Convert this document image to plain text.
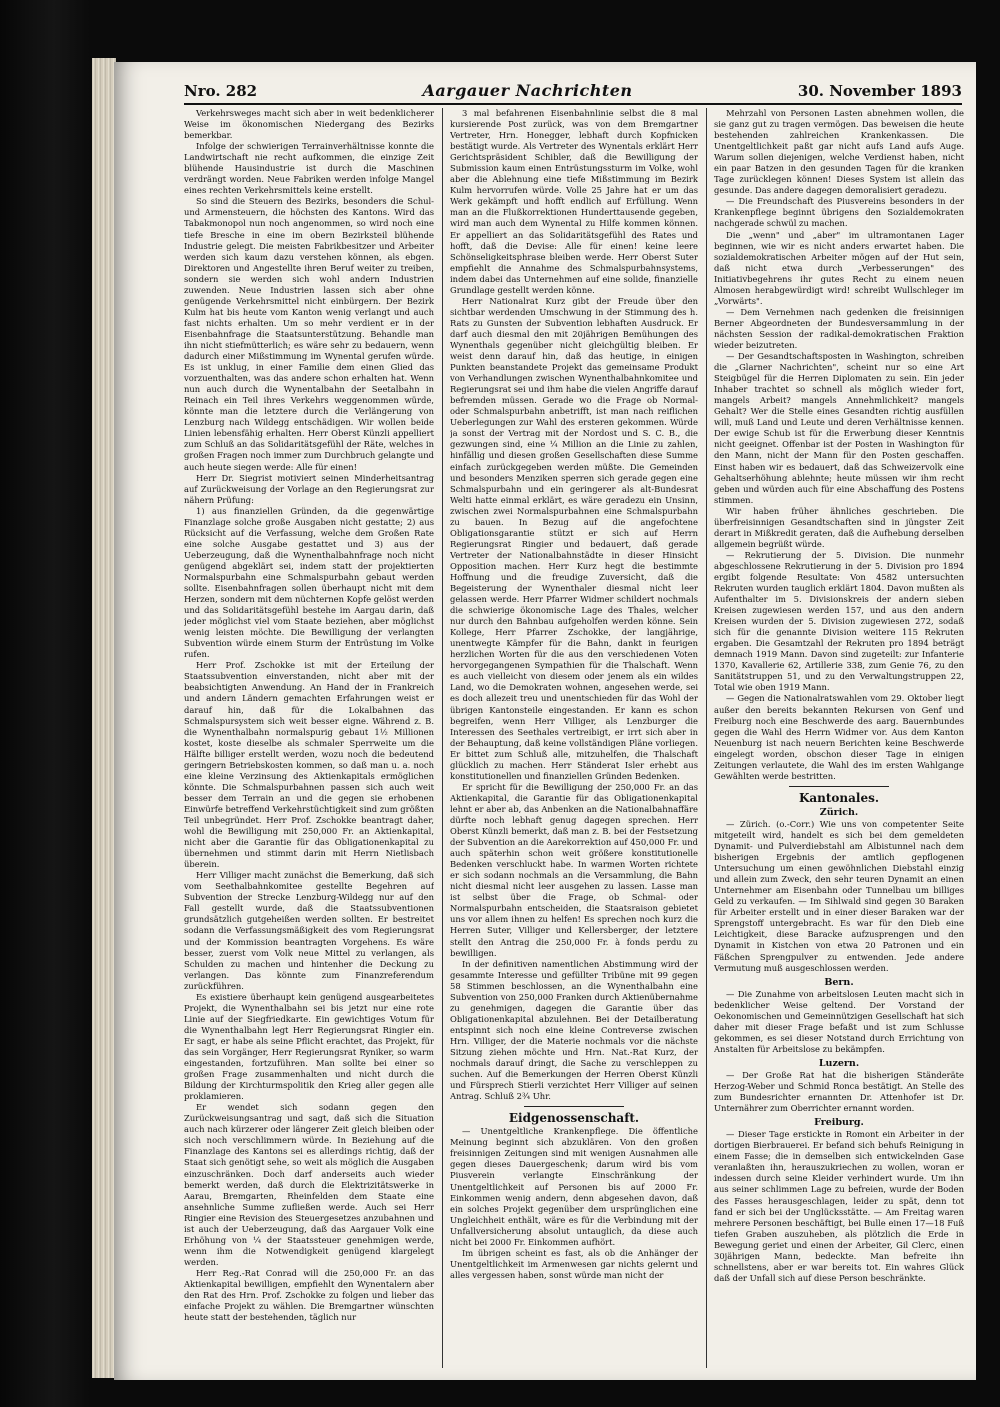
Nro. 282	Aargauer Nachrichten	30. November 1893

Verkehrsweges macht sich aber in weit bedenklicherer Weise im ökonomischen Niedergang des Bezirks bemerkbar.

Infolge der schwierigen Terrainverhältnisse konnte die Landwirtschaft nie recht aufkommen, die einzige Zeit blühende Hausindustrie ist durch die Maschinen verdrängt worden. Neue Fabriken werden infolge Mangel eines rechten Verkehrsmittels keine erstellt.

So sind die Steuern des Bezirks, besonders die Schul- und Armensteuern, die höchsten des Kantons. Wird das Tabakmonopol nun noch angenommen, so wird noch eine tiefe Bresche in eine im obern Bezirksteil blühende Industrie gelegt. Die meisten Fabrikbesitzer und Arbeiter werden sich kaum dazu verstehen können, als ebgen. Direktoren und Angestellte ihren Beruf weiter zu treiben, sondern sie werden sich wohl andern Industrien zuwenden. Neue Industrien lassen sich aber ohne genügende Verkehrsmittel nicht einbürgern. Der Bezirk Kulm hat bis heute vom Kanton wenig verlangt und auch fast nichts erhalten. Um so mehr verdient er in der Eisenbahnfrage die Staatsunterstützung. Behandle man ihn nicht stiefmütterlich; es wäre sehr zu bedauern, wenn dadurch einer Mißstimmung im Wynental gerufen würde. Es ist unklug, in einer Familie dem einen Glied das vorzuenthalten, was das andere schon erhalten hat. Wenn nun auch durch die Wynentalbahn der Seetalbahn in Reinach ein Teil ihres Verkehrs weggenommen würde, könnte man die letztere durch die Verlängerung von Lenzburg nach Wildegg entschädigen. Wir wollen beide Linien lebensfähig erhalten. Herr Oberst Künzli appelliert zum Schluß an das Solidaritätsgefühl der Räte, welches in großen Fragen noch immer zum Durchbruch gelangte und auch heute siegen werde: Alle für einen!

Herr Dr. Siegrist motiviert seinen Minderheitsantrag auf Zurückweisung der Vorlage an den Regierungsrat zur nähern Prüfung:

1) aus finanziellen Gründen, da die gegenwärtige Finanzlage solche große Ausgaben nicht gestatte; 2) aus Rücksicht auf die Verfassung, welche dem Großen Rate eine solche Ausgabe gestattet und 3) aus der Ueberzeugung, daß die Wynenthalbahnfrage noch nicht genügend abgeklärt sei, indem statt der projektierten Normalspurbahn eine Schmalspurbahn gebaut werden sollte. Eisenbahnfragen sollen überhaupt nicht mit dem Herzen, sondern mit dem nüchternen Kopfe gelöst werden und das Solidaritätsgefühl bestehe im Aargau darin, daß jeder möglichst viel vom Staate beziehen, aber möglichst wenig leisten möchte. Die Bewilligung der verlangten Subvention würde einem Sturm der Entrüstung im Volke rufen.

Herr Prof. Zschokke ist mit der Erteilung der Staatssubvention einverstanden, nicht aber mit der beabsichtigten Anwendung. An Hand der in Frankreich und andern Ländern gemachten Erfahrungen weist er darauf hin, daß für die Lokalbahnen das Schmalspursystem sich weit besser eigne. Während z. B. die Wynenthalbahn normalspurig gebaut 1½ Millionen kostet, koste dieselbe als schmaler Sperrweite um die Hälfte billiger erstellt werden, wozu noch die bedeutend geringern Betriebskosten kommen, so daß man u. a. noch eine kleine Verzinsung des Aktienkapitals ermöglichen könnte. Die Schmalspurbahnen passen sich auch weit besser dem Terrain an und die gegen sie erhobenen Einwürfe betreffend Verkehrstüchtigkeit sind zum größten Teil unbegründet. Herr Prof. Zschokke beantragt daher, wohl die Bewilligung mit 250,000 Fr. an Aktienkapital, nicht aber die Garantie für das Obligationenkapital zu übernehmen und stimmt darin mit Herrn Nietlisbach überein.

Herr Villiger macht zunächst die Bemerkung, daß sich vom Seethalbahnkomitee gestellte Begehren auf Subvention der Strecke Lenzburg-Wildegg nur auf den Fall gestellt wurde, daß die Staatssubventionen grundsätzlich gutgeheißen werden sollten. Er bestreitet sodann die Verfassungsmäßigkeit des vom Regierungsrat und der Kommission beantragten Vorgehens. Es wäre besser, zuerst vom Volk neue Mittel zu verlangen, als Schulden zu machen und hintenher die Deckung zu verlangen. Das könnte zum Finanzreferendum zurückführen.

Es existiere überhaupt kein genügend ausgearbeitetes Projekt, die Wynenthalbahn sei bis jetzt nur eine rote Linie auf der Siegfriedkarte. Ein gewichtiges Votum für die Wynenthalbahn legt Herr Regierungsrat Ringier ein. Er sagt, er habe als seine Pflicht erachtet, das Projekt, für das sein Vorgänger, Herr Regierungsrat Ryniker, so warm eingestanden, fortzuführen. Man sollte bei einer so großen Frage zusammenhalten und nicht durch die Bildung der Kirchturmspolitik den Krieg aller gegen alle proklamieren.

Er wendet sich sodann gegen den Zurückweisungsantrag und sagt, daß sich die Situation auch nach kürzerer oder längerer Zeit gleich bleiben oder sich noch verschlimmern würde. In Beziehung auf die Finanzlage des Kantons sei es allerdings richtig, daß der Staat sich genötigt sehe, so weit als möglich die Ausgaben einzuschränken. Doch darf anderseits auch wieder bemerkt werden, daß durch die Elektrizitätswerke in Aarau, Bremgarten, Rheinfelden dem Staate eine ansehnliche Summe zufließen werde. Auch sei Herr Ringier eine Revision des Steuergesetzes anzubahnen und ist auch der Ueberzeugung, daß das Aargauer Volk eine Erhöhung von ¼ der Staatssteuer genehmigen werde, wenn ihm die Notwendigkeit genügend klargelegt werden.

Herr Reg.-Rat Conrad will die 250,000 Fr. an das Aktienkapital bewilligen, empfiehlt den Wynentalern aber den Rat des Hrn. Prof. Zschokke zu folgen und lieber das einfache Projekt zu wählen. Die Bremgartner wünschten heute statt der bestehenden, täglich nur

3 mal befahrenen Eisenbahnlinie selbst die 8 mal kursierende Post zurück, was von dem Bremgartner Vertreter, Hrn. Honegger, lebhaft durch Kopfnicken bestätigt wurde. Als Vertreter des Wynentals erklärt Herr Gerichtspräsident Schibler, daß die Bewilligung der Submission kaum einen Entrüstungssturm im Volke, wohl aber die Ablehnung eine tiefe Mißstimmung im Bezirk Kulm hervorrufen würde. Volle 25 Jahre hat er um das Werk gekämpft und hofft endlich auf Erfüllung. Wenn man an die Flußkorrektionen Hunderttausende gegeben, wird man auch dem Wynental zu Hilfe kommen können. Er appelliert an das Solidaritätsgefühl des Rates und hofft, daß die Devise: Alle für einen! keine leere Schönseligkeitsphrase bleiben werde. Herr Oberst Suter empfiehlt die Annahme des Schmalspurbahnsystems, indem dabei das Unternehmen auf eine solide, finanzielle Grundlage gestellt werden könne.

Herr Nationalrat Kurz gibt der Freude über den sichtbar werdenden Umschwung in der Stimmung des h. Rats zu Gunsten der Subvention lebhaften Ausdruck. Er darf auch diesmal den mit 20jährigen Bemühungen des Wynenthals gegenüber nicht gleichgültig bleiben. Er weist denn darauf hin, daß das heutige, in einigen Punkten beanstandete Projekt das gemeinsame Produkt von Verhandlungen zwischen Wynenthalbahnkomitee und Regierungsrat sei und ihm habe die vielen Angriffe darauf befremden müssen. Gerade wo die Frage ob Normal- oder Schmalspurbahn anbetrifft, ist man nach reiflichen Ueberlegungen zur Wahl des ersteren gekommen. Würde ja sonst der Vertrag mit der Nordost und S. C. B., die gezwungen sind, eine ¼ Million an die Linie zu zahlen, hinfällig und diesen großen Gesellschaften diese Summe einfach zurückgegeben werden müßte. Die Gemeinden und besonders Menziken sperren sich gerade gegen eine Schmalspurbahn und ein geringerer als alt-Bundesrat Welti hatte einmal erklärt, es wäre geradezu ein Unsinn, zwischen zwei Normalspurbahnen eine Schmalspurbahn zu bauen. In Bezug auf die angefochtene Obligationsgarantie stützt er sich auf Herrn Regierungsrat Ringier und bedauert, daß gerade Vertreter der Nationalbahnstädte in dieser Hinsicht Opposition machen. Herr Kurz hegt die bestimmte Hoffnung und die freudige Zuversicht, daß die Begeisterung der Wynenthaler diesmal nicht leer gelassen werde. Herr Pfarrer Widmer schildert nochmals die schwierige ökonomische Lage des Thales, welcher nur durch den Bahnbau aufgeholfen werden könne. Sein Kollege, Herr Pfarrer Zschokke, der langjährige, unentwegte Kämpfer für die Bahn, dankt in feurigen herzlichen Worten für die aus den verschiedenen Voten hervorgegangenen Sympathien für die Thalschaft. Wenn es auch vielleicht von diesem oder jenem als ein wildes Land, wo die Demokraten wohnen, angesehen werde, sei es doch allezeit treu und unentschieden für das Wohl der übrigen Kantonsteile eingestanden. Er kann es schon begreifen, wenn Herr Villiger, als Lenzburger die Interessen des Seethales vertreibigt, er irrt sich aber in der Behauptung, daß keine vollständigen Pläne vorliegen. Er bittet zum Schluß alle, mitzuhelfen, die Thalschaft glücklich zu machen. Herr Ständerat Isler erhebt aus konstitutionellen und finanziellen Gründen Bedenken.

Er spricht für die Bewilligung der 250,000 Fr. an das Aktienkapital, die Garantie für das Obligationenkapital lehnt er aber ab, das Anbenken an die Nationalbahnaffäre dürfte noch lebhaft genug dagegen sprechen. Herr Oberst Künzli bemerkt, daß man z. B. bei der Festsetzung der Subvention an die Aarekorrektion auf 450,000 Fr. und auch späterhin schon weit größere konstitutionelle Bedenken verschluckt habe. In warmen Worten richtete er sich sodann nochmals an die Versammlung, die Bahn nicht diesmal nicht leer ausgehen zu lassen. Lasse man ist selbst über die Frage, ob Schmal- oder Normalspurbahn entscheiden, die Staatsraison gebietet uns vor allem ihnen zu helfen! Es sprechen noch kurz die Herren Suter, Villiger und Kellersberger, der letztere stellt den Antrag die 250,000 Fr. à fonds perdu zu bewilligen.

In der definitiven namentlichen Abstimmung wird der gesammte Interesse und gefüllter Tribüne mit 99 gegen 58 Stimmen beschlossen, an die Wynenthalbahn eine Subvention von 250,000 Franken durch Aktienübernahme zu genehmigen, dagegen die Garantie über das Obligationenkapital abzulehnen. Bei der Detailberatung entspinnt sich noch eine kleine Contreverse zwischen Hrn. Villiger, der die Materie nochmals vor die nächste Sitzung ziehen möchte und Hrn. Nat.-Rat Kurz, der nochmals darauf dringt, die Sache zu verschleppen zu suchen. Auf die Bemerkungen der Herren Oberst Künzli und Fürsprech Stierli verzichtet Herr Villiger auf seinen Antrag. Schluß 2¾ Uhr.

Eidgenossenschaft.

— Unentgeltliche Krankenpflege. Die öffentliche Meinung beginnt sich abzuklären. Von den großen freisinnigen Zeitungen sind mit wenigen Ausnahmen alle gegen dieses Dauergeschenk; darum wird bis vom Piusverein verlangte Einschränkung der Unentgeltlichkeit auf Personen bis auf 2000 Fr. Einkommen wenig andern, denn abgesehen davon, daß ein solches Projekt gegenüber dem ursprünglichen eine Ungleichheit enthält, wäre es für die Verbindung mit der Unfallversicherung absolut untauglich, da diese auch nicht bei 2000 Fr. Einkommen aufhört.

Im übrigen scheint es fast, als ob die Anhänger der Unentgeltlichkeit im Armenwesen gar nichts gelernt und alles vergessen haben, sonst würde man nicht der

Mehrzahl von Personen Lasten abnehmen wollen, die sie ganz gut zu tragen vermögen. Das beweisen die heute bestehenden zahlreichen Krankenkassen. Die Unentgeltlichkeit paßt gar nicht aufs Land aufs Auge. Warum sollen diejenigen, welche Verdienst haben, nicht ein paar Batzen in den gesunden Tagen für die kranken Tage zurücklegen können! Dieses System ist allein das gesunde. Das andere dagegen demoralisiert geradezu.

— Die Freundschaft des Piusvereins besonders in der Krankenpflege beginnt übrigens den Sozialdemokraten nachgerade schwül zu machen.

Die „wenn" und „aber" im ultramontanen Lager beginnen, wie wir es nicht anders erwartet haben. Die sozialdemokratischen Arbeiter mögen auf der Hut sein, daß nicht etwa durch „Verbesserungen" des Initiativbegehrens ihr gutes Recht zu einem neuen Almosen herabgewürdigt wird! schreibt Wullschleger im „Vorwärts".

— Dem Vernehmen nach gedenken die freisinnigen Berner Abgeordneten der Bundesversammlung in der nächsten Session der radikal-demokratischen Fraktion wieder beizutreten.

— Der Gesandtschaftsposten in Washington, schreiben die „Glarner Nachrichten", scheint nur so eine Art Steigbügel für die Herren Diplomaten zu sein. Ein jeder Inhaber trachtet so schnell als möglich wieder fort, mangels Arbeit? mangels Annehmlichkeit? mangels Gehalt? Wer die Stelle eines Gesandten richtig ausfüllen will, muß Land und Leute und deren Verhältnisse kennen. Der ewige Schub ist für die Erwerbung dieser Kenntnis nicht geeignet. Offenbar ist der Posten in Washington für den Mann, nicht der Mann für den Posten geschaffen. Einst haben wir es bedauert, daß das Schweizervolk eine Gehaltserhöhung ablehnte; heute müssen wir ihm recht geben und würden auch für eine Abschaffung des Postens stimmen.

Wir haben früher ähnliches geschrieben. Die überfreisinnigen Gesandtschaften sind in jüngster Zeit derart in Mißkredit geraten, daß die Aufhebung derselben allgemein begrüßt würde.

— Rekrutierung der 5. Division. Die nunmehr abgeschlossene Rekrutierung in der 5. Division pro 1894 ergibt folgende Resultate: Von 4582 untersuchten Rekruten wurden tauglich erklärt 1804. Davon mußten als Aufenthalter im 5. Divisionskreis der andern sieben Kreisen zugewiesen werden 157, und aus den andern Kreisen wurden der 5. Division zugewiesen 272, sodaß sich für die genannte Division weitere 115 Rekruten ergaben. Die Gesamtzahl der Rekruten pro 1894 beträgt demnach 1919 Mann. Davon sind zugeteilt: zur Infanterie 1370, Kavallerie 62, Artillerie 338, zum Genie 76, zu den Sanitätstruppen 51, und zu den Verwaltungstruppen 22, Total wie oben 1919 Mann.

— Gegen die Nationalratswahlen vom 29. Oktober liegt außer den bereits bekannten Rekursen von Genf und Freiburg noch eine Beschwerde des aarg. Bauernbundes gegen die Wahl des Herrn Widmer vor. Aus dem Kanton Neuenburg ist nach neuern Berichten keine Beschwerde eingelegt worden, obschon dieser Tage in einigen Zeitungen verlautete, die Wahl des im ersten Wahlgange Gewählten werde bestritten.

Kantonales.
Zürich.

— Zürich. (o.-Corr.) Wie uns von competenter Seite mitgeteilt wird, handelt es sich bei dem gemeldeten Dynamit- und Pulverdiebstahl am Albistunnel nach dem bisherigen Ergebnis der amtlich gepflogenen Untersuchung um einen gewöhnlichen Diebstahl einzig und allein zum Zweck, den sehr teuren Dynamit an einen Unternehmer am Eisenbahn oder Tunnelbau um billiges Geld zu verkaufen. — Im Sihlwald sind gegen 30 Baraken für Arbeiter erstellt und in einer dieser Baraken war der Sprengstoff untergebracht. Es war für den Dieb eine Leichtigkeit, diese Baracke aufzusprengen und den Dynamit in Kistchen von etwa 20 Patronen und ein Fäßchen Sprengpulver zu entwenden. Jede andere Vermutung muß ausgeschlossen werden.

Bern.

— Die Zunahme von arbeitslosen Leuten macht sich in bedenklicher Weise geltend. Der Vorstand der Oekonomischen und Gemeinnützigen Gesellschaft hat sich daher mit dieser Frage befaßt und ist zum Schlusse gekommen, es sei dieser Notstand durch Errichtung von Anstalten für Arbeitslose zu bekämpfen.

Luzern.

— Der Große Rat hat die bisherigen Ständeräte Herzog-Weber und Schmid Ronca bestätigt. An Stelle des zum Bundesrichter ernannten Dr. Attenhofer ist Dr. Unternährer zum Oberrichter ernannt worden.

Freiburg.

— Dieser Tage erstickte in Romont ein Arbeiter in der dortigen Bierbrauerei. Er befand sich behufs Reinigung in einem Fasse; die in demselben sich entwickelnden Gase veranlaßten ihn, herauszukriechen zu wollen, woran er indessen durch seine Kleider verhindert wurde. Um ihn aus seiner schlimmen Lage zu befreien, wurde der Boden des Fasses herausgeschlagen, leider zu spät, denn tot fand er sich bei der Unglücksstätte. — Am Freitag waren mehrere Personen beschäftigt, bei Bulle einen 17—18 Fuß tiefen Graben auszuheben, als plötzlich die Erde in Bewegung geriet und einen der Arbeiter, Gil Clerc, einen 30jährigen Mann, bedeckte. Man befreite ihn schnellstens, aber er war bereits tot. Ein wahres Glück daß der Unfall sich auf diese Person beschränkte.
